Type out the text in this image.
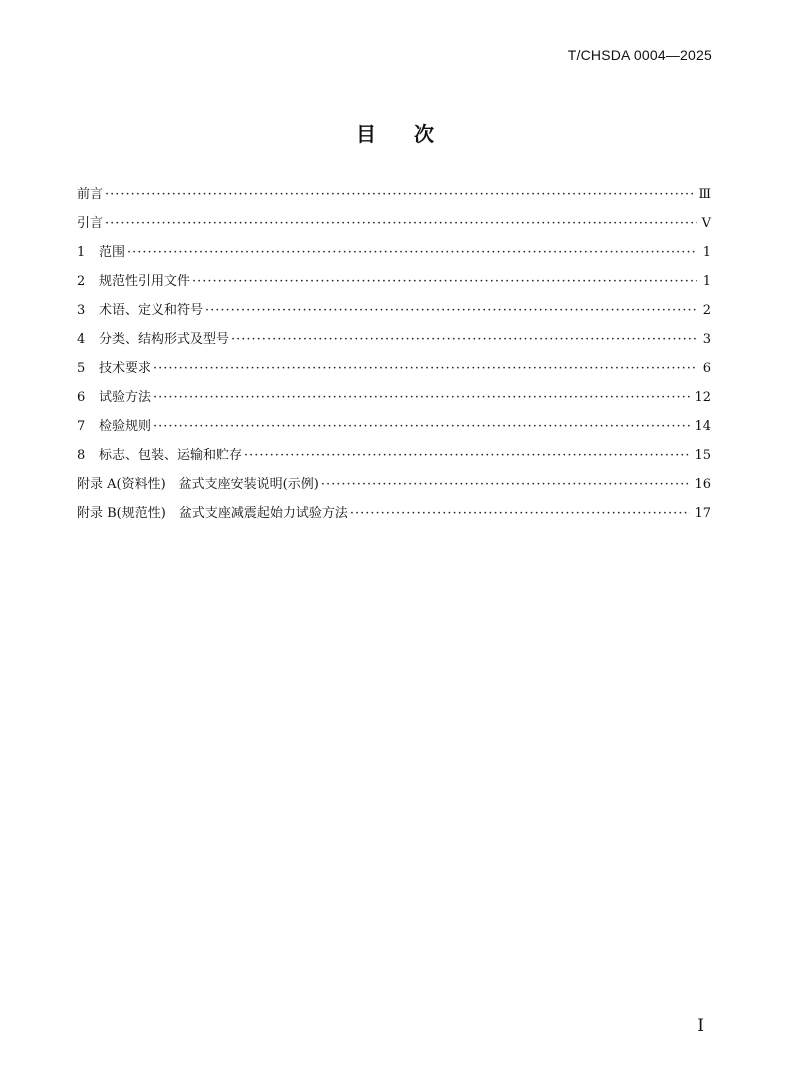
T/CHSDA 0004—2025
目次
前言 ·····	Ⅲ
引言 ·····	Ⅴ
1	范围 ·····	1
2	规范性引用文件 ·····	1
3	术语、定义和符号 ·····	2
4	分类、结构形式及型号 ·····	3
5	技术要求 ·····	6
6	试验方法 ·····	12
7	检验规则 ·····	14
8	标志、包装、运输和贮存 ·····	15
附录 A(资料性)　盆式支座安装说明(示例) ·····	16
附录 B(规范性)　盆式支座减震起始力试验方法 ·····	17
I
